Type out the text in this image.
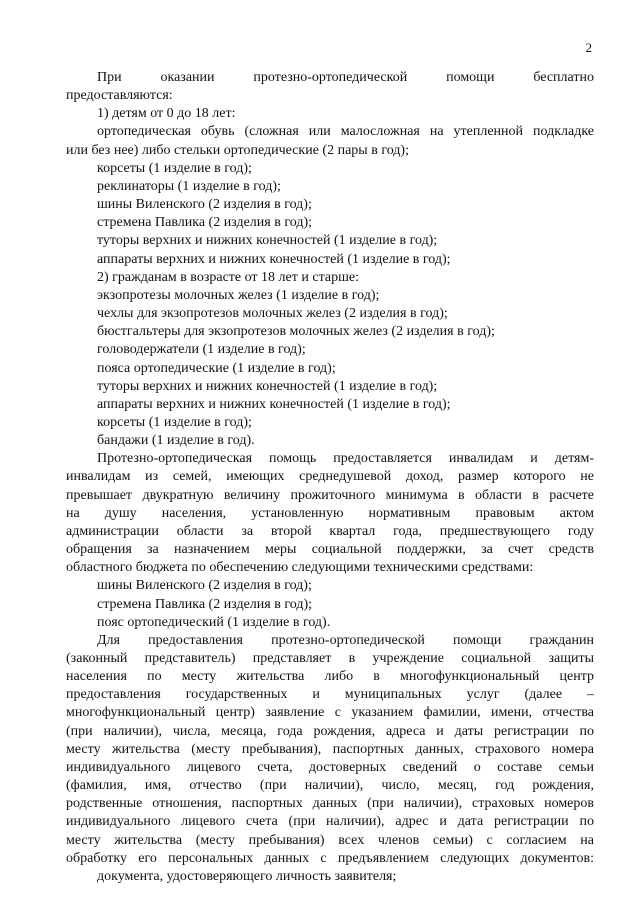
2
При оказании протезно-ортопедической помощи бесплатно
предоставляются:
1) детям от 0 до 18 лет:
ортопедическая обувь (сложная или малосложная на утепленной подкладке
или без нее) либо стельки ортопедические (2 пары в год);
корсеты (1 изделие в год);
реклинаторы (1 изделие в год);
шины Виленского (2 изделия в год);
стремена Павлика (2 изделия в год);
туторы верхних и нижних конечностей (1 изделие в год);
аппараты верхних и нижних конечностей (1 изделие в год);
2) гражданам в возрасте от 18 лет и старше:
экзопротезы молочных желез (1 изделие в год);
чехлы для экзопротезов молочных желез (2 изделия в год);
бюстгальтеры для экзопротезов молочных желез (2 изделия в год);
головодержатели (1 изделие в год);
пояса ортопедические (1 изделие в год);
туторы верхних и нижних конечностей (1 изделие в год);
аппараты верхних и нижних конечностей (1 изделие в год);
корсеты (1 изделие в год);
бандажи (1 изделие в год).
Протезно-ортопедическая помощь предоставляется инвалидам и детям-
инвалидам из семей, имеющих среднедушевой доход, размер которого не
превышает двукратную величину прожиточного минимума в области в расчете
на душу населения, установленную нормативным правовым актом
администрации области за второй квартал года, предшествующего году
обращения за назначением меры социальной поддержки, за счет средств
областного бюджета по обеспечению следующими техническими средствами:
шины Виленского (2 изделия в год);
стремена Павлика (2 изделия в год);
пояс ортопедический (1 изделие в год).
Для предоставления протезно-ортопедической помощи гражданин
(законный представитель) представляет в учреждение социальной защиты
населения по месту жительства либо в многофункциональный центр
предоставления государственных и муниципальных услуг (далее –
многофункциональный центр) заявление с указанием фамилии, имени, отчества
(при наличии), числа, месяца, года рождения, адреса и даты регистрации по
месту жительства (месту пребывания), паспортных данных, страхового номера
индивидуального лицевого счета, достоверных сведений о составе семьи
(фамилия, имя, отчество (при наличии), число, месяц, год рождения,
родственные отношения, паспортных данных (при наличии), страховых номеров
индивидуального лицевого счета (при наличии), адрес и дата регистрации по
месту жительства (месту пребывания) всех членов семьи) с согласием на
обработку его персональных данных с предъявлением следующих документов:
документа, удостоверяющего личность заявителя;
